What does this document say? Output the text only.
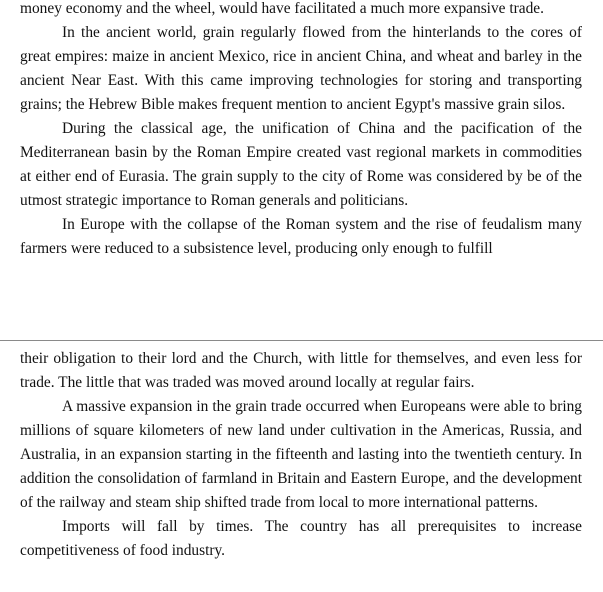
money economy and the wheel, would have facilitated a much more expansive trade.

In the ancient world, grain regularly flowed from the hinterlands to the cores of great empires: maize in ancient Mexico, rice in ancient China, and wheat and barley in the ancient Near East. With this came improving technologies for storing and transporting grains; the Hebrew Bible makes frequent mention to ancient Egypt's massive grain silos.

During the classical age, the unification of China and the pacification of the Mediterranean basin by the Roman Empire created vast regional markets in commodities at either end of Eurasia. The grain supply to the city of Rome was considered by be of the utmost strategic importance to Roman generals and politicians.

In Europe with the collapse of the Roman system and the rise of feudalism many farmers were reduced to a subsistence level, producing only enough to fulfill

their obligation to their lord and the Church, with little for themselves, and even less for trade. The little that was traded was moved around locally at regular fairs.

A massive expansion in the grain trade occurred when Europeans were able to bring millions of square kilometers of new land under cultivation in the Americas, Russia, and Australia, in an expansion starting in the fifteenth and lasting into the twentieth century. In addition the consolidation of farmland in Britain and Eastern Europe, and the development of the railway and steam ship shifted trade from local to more international patterns.

Imports will fall by times. The country has all prerequisites to increase competitiveness of food industry.
